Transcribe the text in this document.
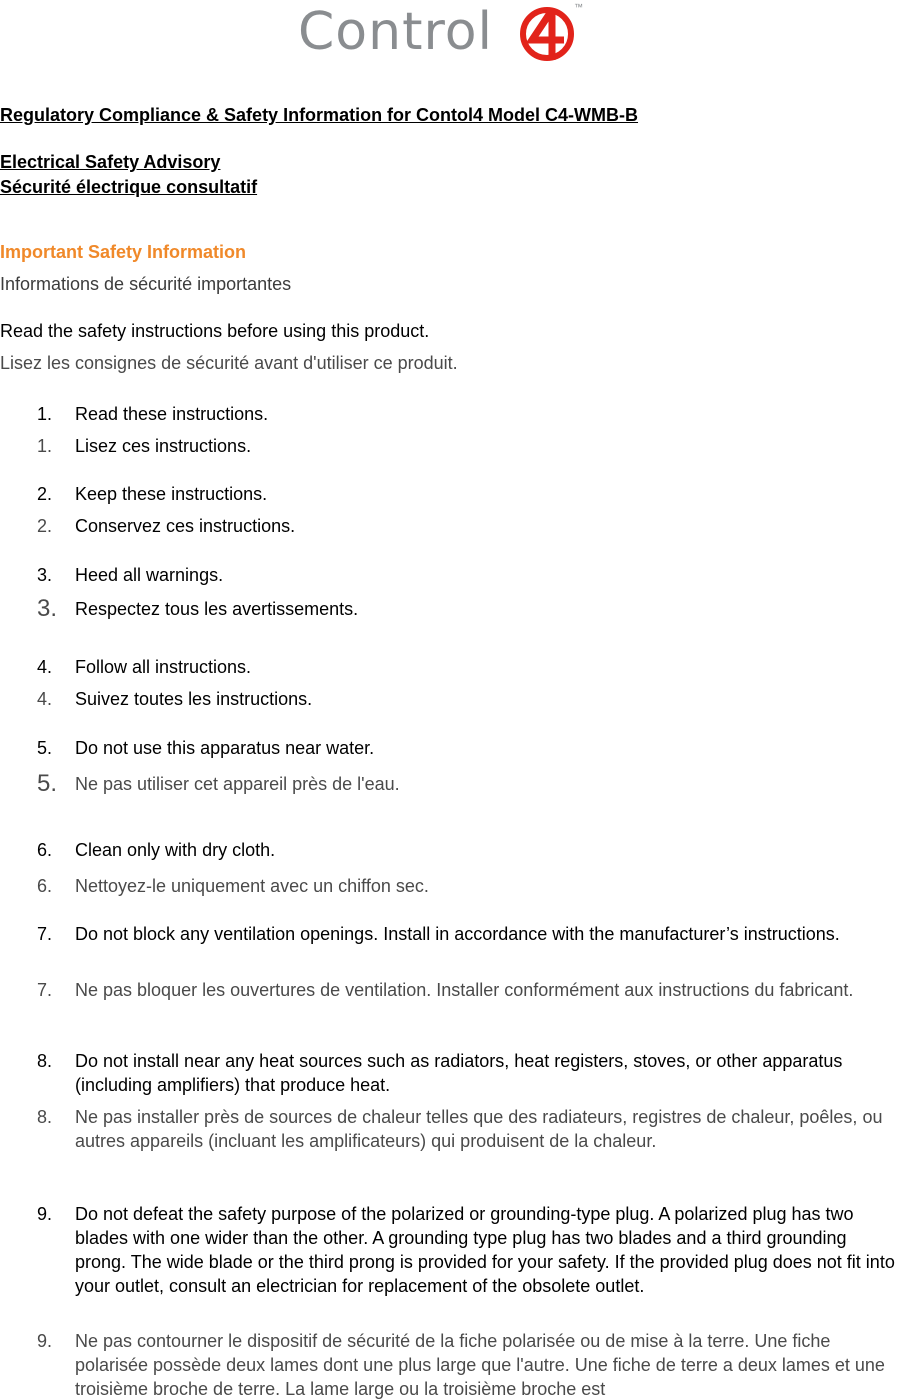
Control	™
Regulatory Compliance & Safety Information for Contol4 Model C4-WMB-B
Electrical Safety Advisory
Sécurité électrique consultatif
Important Safety Information
Informations de sécurité importantes
Read the safety instructions before using this product.
Lisez les consignes de sécurité avant d'utiliser ce produit.
1. Read these instructions.
1. Lisez ces instructions.
2. Keep these instructions.
2. Conservez ces instructions.
3. Heed all warnings.
3. Respectez tous les avertissements.
4. Follow all instructions.
4. Suivez toutes les instructions.
5. Do not use this apparatus near water.
5. Ne pas utiliser cet appareil près de l'eau.
6. Clean only with dry cloth.
6. Nettoyez-le uniquement avec un chiffon sec.
7. Do not block any ventilation openings. Install in accordance with the manufacturer’s instructions.
7. Ne pas bloquer les ouvertures de ventilation. Installer conformément aux instructions du fabricant.
8. Do not install near any heat sources such as radiators, heat registers, stoves, or other apparatus (including amplifiers) that produce heat.
8. Ne pas installer près de sources de chaleur telles que des radiateurs, registres de chaleur, poêles, ou autres appareils (incluant les amplificateurs) qui produisent de la chaleur.
9. Do not defeat the safety purpose of the polarized or grounding-type plug. A polarized plug has two blades with one wider than the other. A grounding type plug has two blades and a third grounding prong. The wide blade or the third prong is provided for your safety. If the provided plug does not fit into your outlet, consult an electrician for replacement of the obsolete outlet.
9. Ne pas contourner le dispositif de sécurité de la fiche polarisée ou de mise à la terre. Une fiche polarisée possède deux lames dont une plus large que l'autre. Une fiche de terre a deux lames et une troisième broche de terre. La lame large ou la troisième broche est
